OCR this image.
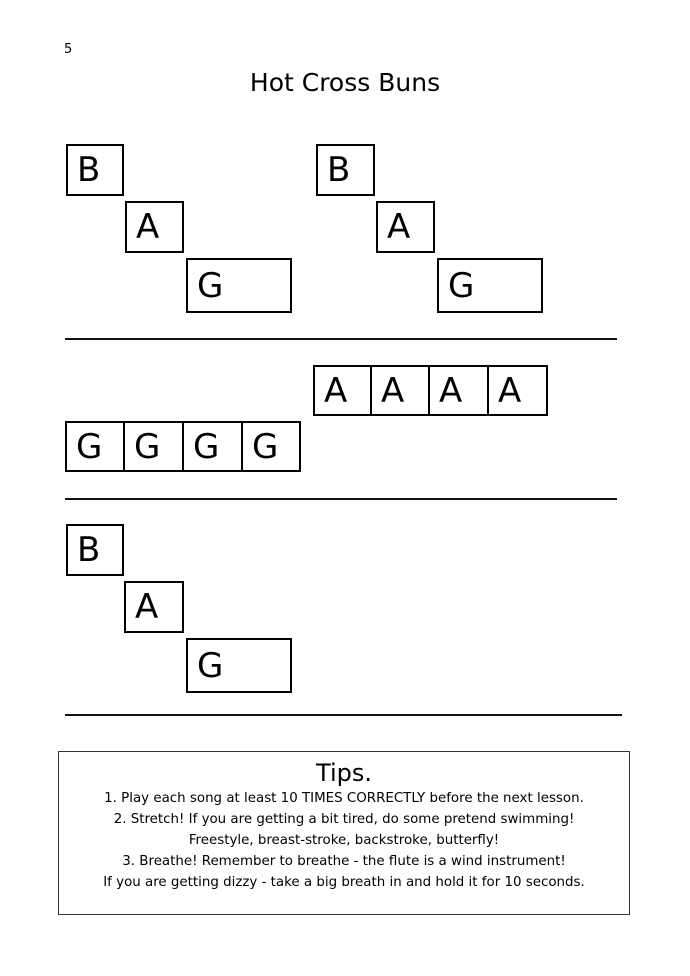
5
Hot Cross Buns
B
A
G
B
A
G
A A A A
G G G G
B
A
G
Tips.
1. Play each song at least 10 TIMES CORRECTLY before the next lesson.
2. Stretch! If you are getting a bit tired, do some pretend swimming!
Freestyle, breast-stroke, backstroke, butterfly!
3. Breathe! Remember to breathe - the flute is a wind instrument!
If you are getting dizzy - take a big breath in and hold it for 10 seconds.
